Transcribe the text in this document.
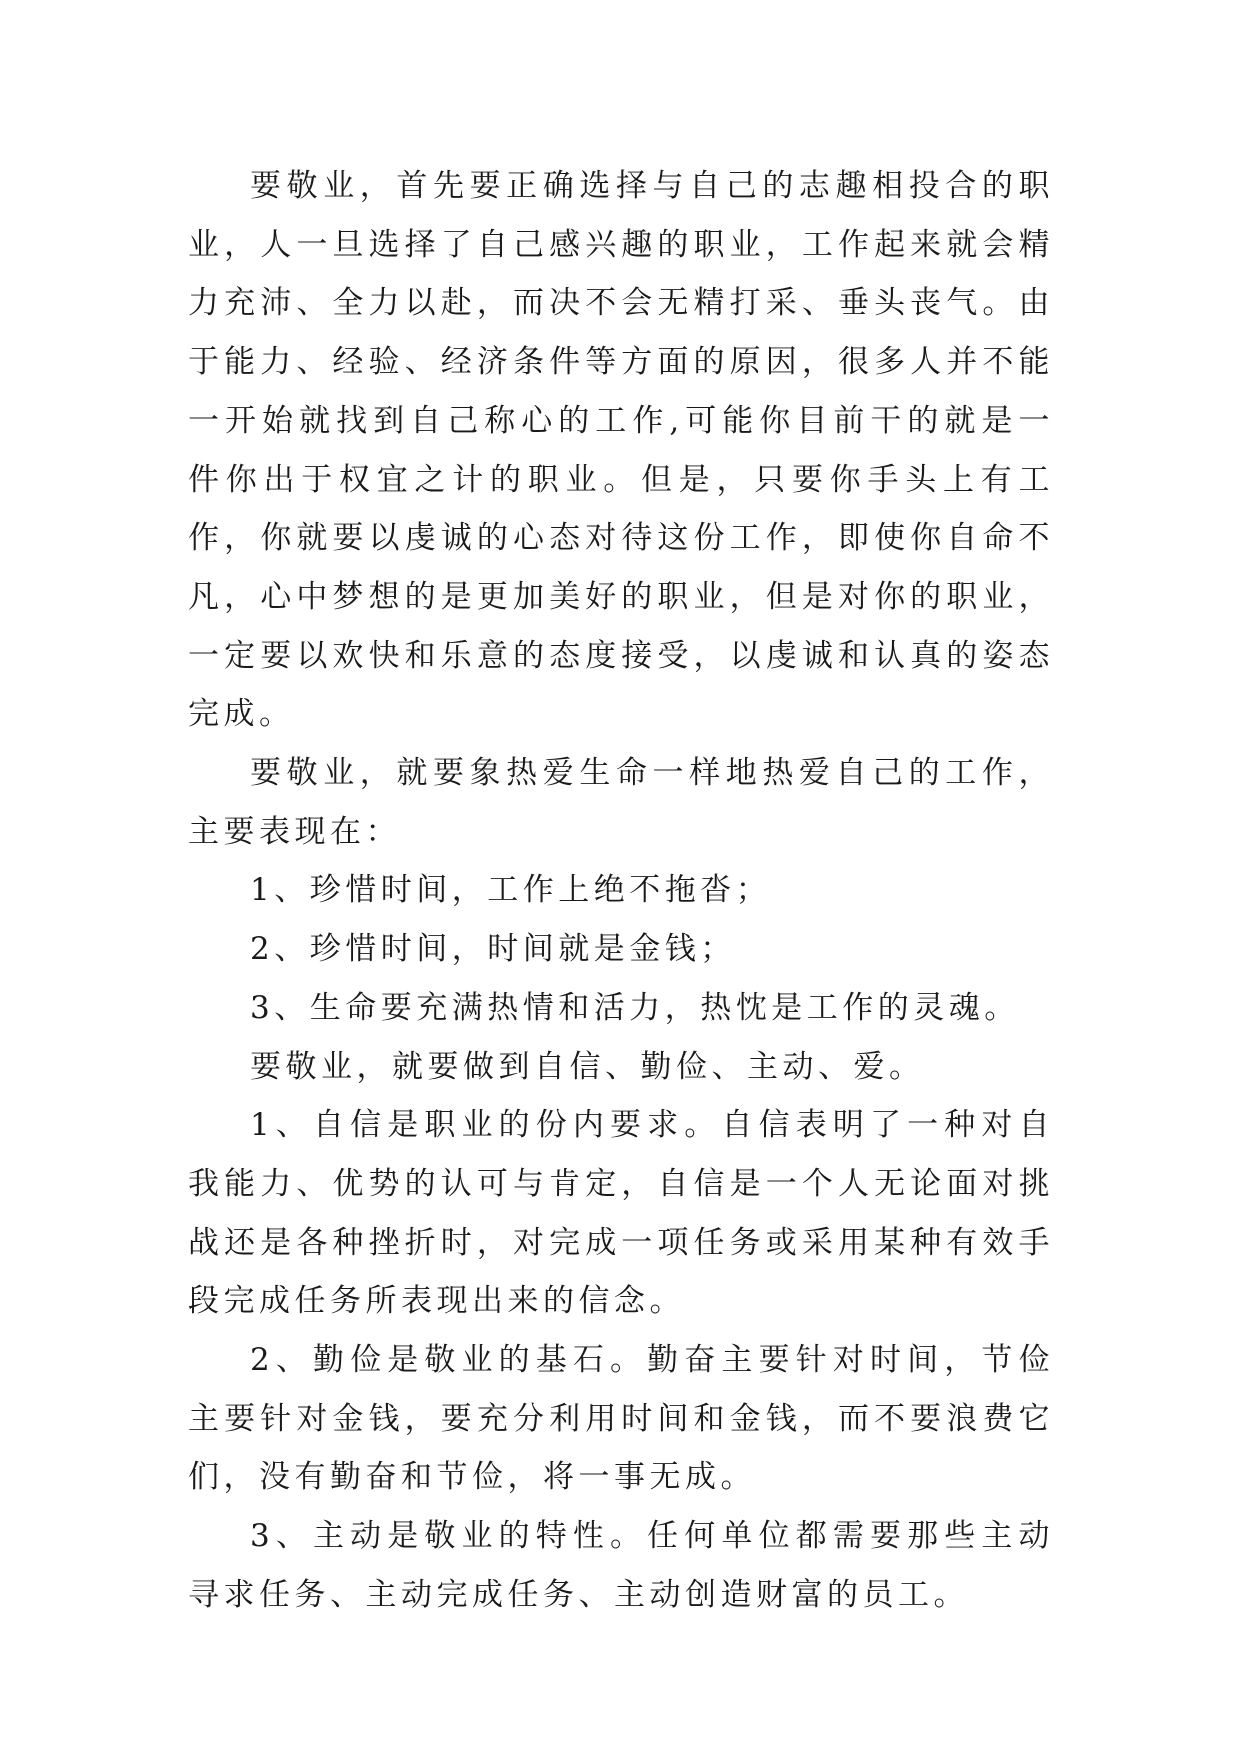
要敬业，首先要正确选择与自己的志趣相投合的职业，人一旦选择了自己感兴趣的职业，工作起来就会精力充沛、全力以赴，而决不会无精打采、垂头丧气。由于能力、经验、经济条件等方面的原因，很多人并不能一开始就找到自己称心的工作,可能你目前干的就是一件你出于权宜之计的职业。但是，只要你手头上有工作，你就要以虔诚的心态对待这份工作，即使你自命不凡，心中梦想的是更加美好的职业，但是对你的职业，一定要以欢快和乐意的态度接受，以虔诚和认真的姿态完成。

要敬业，就要象热爱生命一样地热爱自己的工作，主要表现在：

1、珍惜时间，工作上绝不拖沓；

2、珍惜时间，时间就是金钱；

3、生命要充满热情和活力，热忱是工作的灵魂。

要敬业，就要做到自信、勤俭、主动、爱。

1、自信是职业的份内要求。自信表明了一种对自我能力、优势的认可与肯定，自信是一个人无论面对挑战还是各种挫折时，对完成一项任务或采用某种有效手段完成任务所表现出来的信念。

2、勤俭是敬业的基石。勤奋主要针对时间，节俭主要针对金钱，要充分利用时间和金钱，而不要浪费它们，没有勤奋和节俭，将一事无成。

3、主动是敬业的特性。任何单位都需要那些主动寻求任务、主动完成任务、主动创造财富的员工。
